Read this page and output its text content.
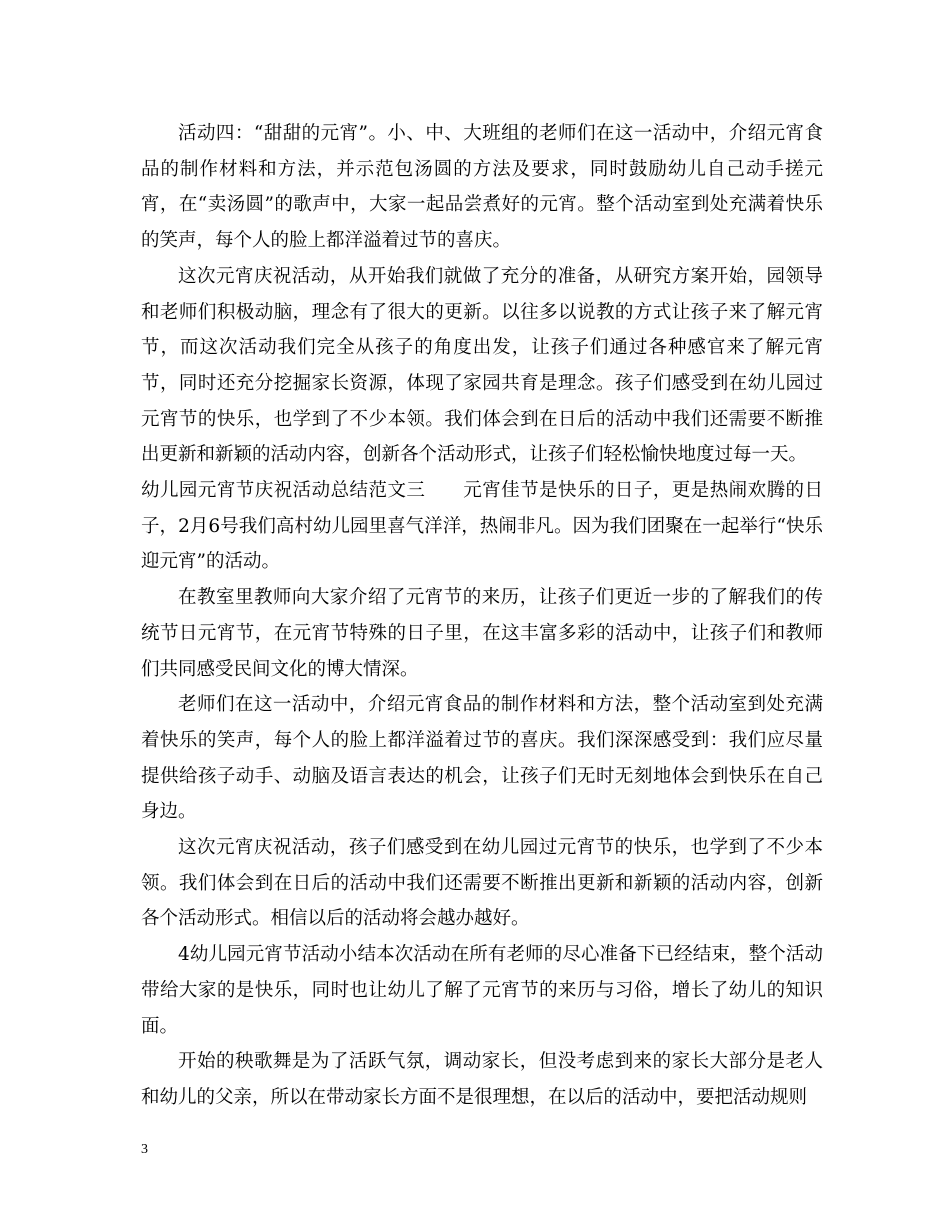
活动四：“甜甜的元宵”。小、中、大班组的老师们在这一活动中，介绍元宵食品的制作材料和方法，并示范包汤圆的方法及要求，同时鼓励幼儿自己动手搓元宵，在“卖汤圆”的歌声中，大家一起品尝煮好的元宵。整个活动室到处充满着快乐的笑声，每个人的脸上都洋溢着过节的喜庆。

这次元宵庆祝活动，从开始我们就做了充分的准备，从研究方案开始，园领导和老师们积极动脑，理念有了很大的更新。以往多以说教的方式让孩子来了解元宵节，而这次活动我们完全从孩子的角度出发，让孩子们通过各种感官来了解元宵节，同时还充分挖掘家长资源，体现了家园共育是理念。孩子们感受到在幼儿园过元宵节的快乐，也学到了不少本领。我们体会到在日后的活动中我们还需要不断推出更新和新颖的活动内容，创新各个活动形式，让孩子们轻松愉快地度过每一天。

幼儿园元宵节庆祝活动总结范文三　　元宵佳节是快乐的日子，更是热闹欢腾的日子，2月6号我们高村幼儿园里喜气洋洋，热闹非凡。因为我们团聚在一起举行“快乐迎元宵”的活动。

在教室里教师向大家介绍了元宵节的来历，让孩子们更近一步的了解我们的传统节日元宵节，在元宵节特殊的日子里，在这丰富多彩的活动中，让孩子们和教师们共同感受民间文化的博大情深。

老师们在这一活动中，介绍元宵食品的制作材料和方法，整个活动室到处充满着快乐的笑声，每个人的脸上都洋溢着过节的喜庆。我们深深感受到：我们应尽量提供给孩子动手、动脑及语言表达的机会，让孩子们无时无刻地体会到快乐在自己身边。

这次元宵庆祝活动，孩子们感受到在幼儿园过元宵节的快乐，也学到了不少本领。我们体会到在日后的活动中我们还需要不断推出更新和新颖的活动内容，创新各个活动形式。相信以后的活动将会越办越好。

4幼儿园元宵节活动小结本次活动在所有老师的尽心准备下已经结束，整个活动带给大家的是快乐，同时也让幼儿了解了元宵节的来历与习俗，增长了幼儿的知识面。

开始的秧歌舞是为了活跃气氛，调动家长，但没考虑到来的家长大部分是老人和幼儿的父亲，所以在带动家长方面不是很理想，在以后的活动中，要把活动规则

3
